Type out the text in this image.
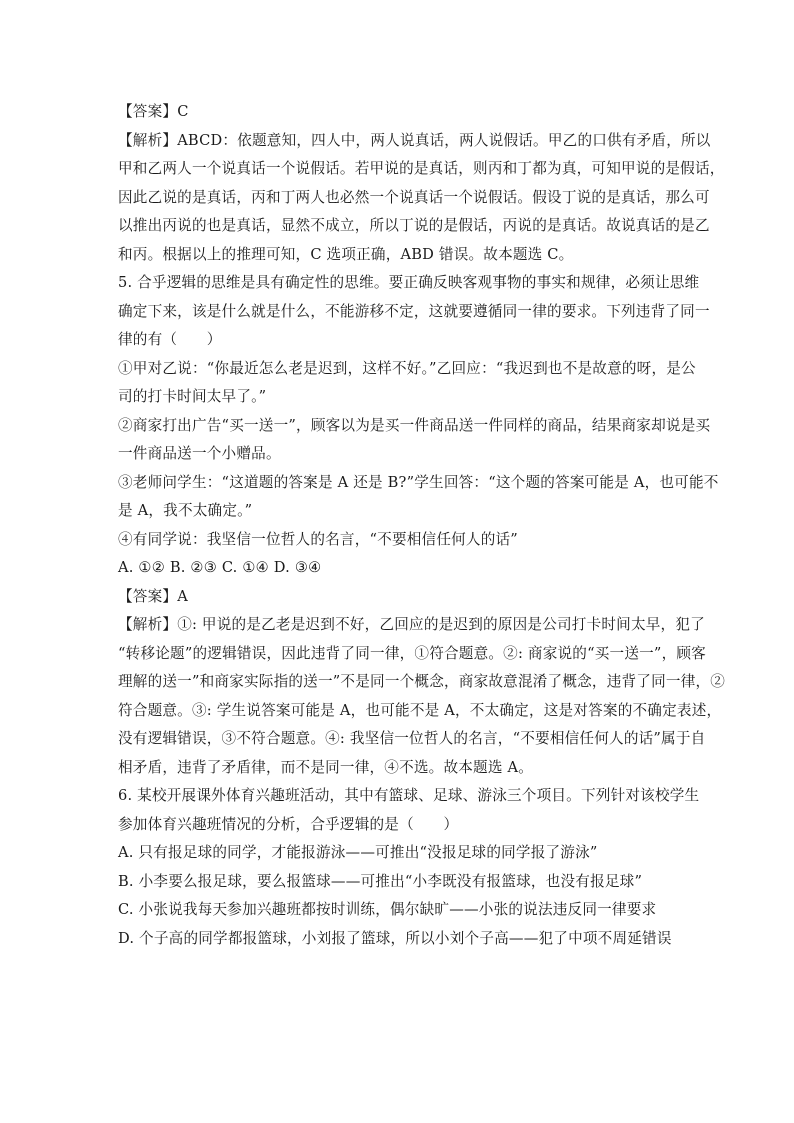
【答案】C
【解析】ABCD：依题意知，四人中，两人说真话，两人说假话。甲乙的口供有矛盾，所以
甲和乙两人一个说真话一个说假话。若甲说的是真话，则丙和丁都为真，可知甲说的是假话，
因此乙说的是真话，丙和丁两人也必然一个说真话一个说假话。假设丁说的是真话，那么可
以推出丙说的也是真话，显然不成立，所以丁说的是假话，丙说的是真话。故说真话的是乙
和丙。根据以上的推理可知，C 选项正确，ABD 错误。故本题选 C。
5. 合乎逻辑的思维是具有确定性的思维。要正确反映客观事物的事实和规律，必须让思维
确定下来，该是什么就是什么，不能游移不定，这就要遵循同一律的要求。下列违背了同一
律的有（　　）
①甲对乙说：“你最近怎么老是迟到，这样不好。”乙回应：“我迟到也不是故意的呀，是公
司的打卡时间太早了。”
②商家打出广告“买一送一”，顾客以为是买一件商品送一件同样的商品，结果商家却说是买
一件商品送一个小赠品。
③老师问学生：“这道题的答案是 A 还是 B?”学生回答：“这个题的答案可能是 A，也可能不
是 A，我不太确定。”
④有同学说：我坚信一位哲人的名言，“不要相信任何人的话”
A. ①② B. ②③ C. ①④ D. ③④
【答案】A
【解析】①: 甲说的是乙老是迟到不好，乙回应的是迟到的原因是公司打卡时间太早，犯了
“转移论题”的逻辑错误，因此违背了同一律，①符合题意。②: 商家说的“买一送一”，顾客
理解的送一”和商家实际指的送一”不是同一个概念，商家故意混淆了概念，违背了同一律，②
符合题意。③: 学生说答案可能是 A，也可能不是 A，不太确定，这是对答案的不确定表述，
没有逻辑错误，③不符合题意。④: 我坚信一位哲人的名言，“不要相信任何人的话”属于自
相矛盾，违背了矛盾律，而不是同一律，④不选。故本题选 A。
6. 某校开展课外体育兴趣班活动，其中有篮球、足球、游泳三个项目。下列针对该校学生
参加体育兴趣班情况的分析，合乎逻辑的是（　　）
A. 只有报足球的同学，才能报游泳——可推出“没报足球的同学报了游泳”
B. 小李要么报足球，要么报篮球——可推出“小李既没有报篮球，也没有报足球”
C. 小张说我每天参加兴趣班都按时训练，偶尔缺旷——小张的说法违反同一律要求
D. 个子高的同学都报篮球，小刘报了篮球，所以小刘个子高——犯了中项不周延错误
